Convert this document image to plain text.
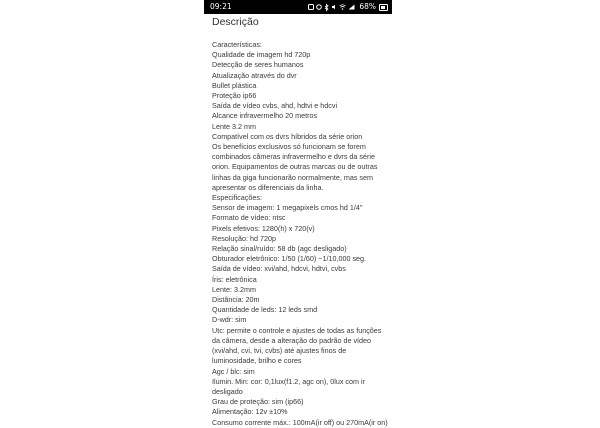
09:21	68%
Descrição
Características:
Qualidade de imagem hd 720p
Detecção de seres humanos
Atualização através do dvr
Bullet plástica
Proteção ip66
Saída de vídeo cvbs, ahd, hdtvi e hdcvi
Alcance infravermelho 20 metros
Lente 3.2 mm
Compatível com os dvrs híbridos da série orion
Os benefícios exclusivos só funcionam se forem
combinados câmeras infravermelho e dvrs da série
orion. Equipamentos de outras marcas ou de outras
linhas da giga funcionarão normalmente, mas sem
apresentar os diferenciais da linha.
Especificações:
Sensor de imagem: 1 megapixels cmos hd 1/4"
Formato de vídeo: ntsc
Pixels efetivos: 1280(h) x 720(v)
Resolução: hd 720p
Relação sinal/ruído: 58 db (agc desligado)
Obturador eletrônico: 1/50 (1/60) ~1/10,000 seg.
Saída de vídeo: xvi/ahd, hdcvi, hdtvi, cvbs
Íris: eletrônica
Lente: 3.2mm
Distância: 20m
Quantidade de leds: 12 leds smd
D-wdr: sim
Utc: permite o controle e ajustes de todas as funções
da câmera, desde a alteração do padrão de vídeo
(xvi/ahd, cvi, tvi, cvbs) até ajustes finos de
luminosidade, brilho e cores
Agc / blc: sim
Ilumin. Min: cor: 0,1lux(f1.2, agc on), 0lux com ir
desligado
Grau de proteção: sim (ip66)
Alimentação: 12v ±10%
Consumo corrente máx.: 100mA(ir off) ou 270mA(ir on)
